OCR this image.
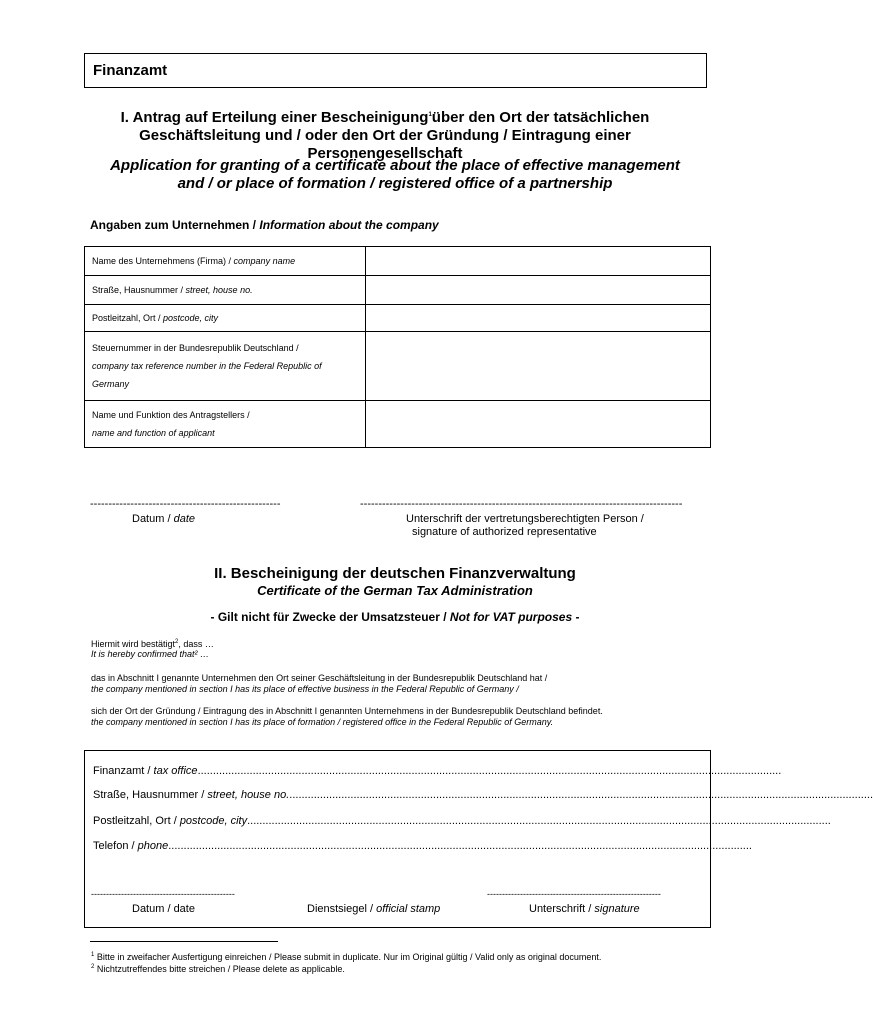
Finanzamt
I. Antrag auf Erteilung einer Bescheinigung$^1$über den Ort der tatsächlichen
Geschäftsleitung und / oder den Ort der Gründung / Eintragung einer
Personengesellschaft
Application for granting of a certificate about the place of effective management
and / or place of formation / registered office of a partnership
Angaben zum Unternehmen / Information about the company
Name des Unternehmens (Firma) / company name	
Straße, Hausnummer / street, house no.	
Postleitzahl, Ort / postcode, city	

Steuernummer in der Bundesrepublik Deutschland /
company tax reference number in the Federal Republic of Germany	

Name und Funktion des Antragstellers /
name and function of applicant	
----------------------------------------------------	----------------------------------------------------------------------------------------
Datum / date	Unterschrift der vertretungsberechtigten Person /
signature of authorized representative
II. Bescheinigung der deutschen Finanzverwaltung
Certificate of the German Tax Administration
- Gilt nicht für Zwecke der Umsatzsteuer / Not for VAT purposes -
Hiermit wird bestätigt$^2$, dass …
It is hereby confirmed that² …
das in Abschnitt I genannte Unternehmen den Ort seiner Geschäftsleitung in der Bundesrepublik Deutschland hat /
the company mentioned in section I has its place of effective business in the Federal Republic of Germany /
sich der Ort der Gründung / Eintragung des in Abschnitt I genannten Unternehmens in der Bundesrepublik Deutschland befindet.
the company mentioned in section I has its place of formation / registered office in the Federal Republic of Germany.
Finanzamt / tax office...............................................................................................................................................................................................
Straße, Hausnummer / street, house no................................................................................................................................................................................................
Postleitzahl, Ort / postcode, city...............................................................................................................................................................................................
Telefon / phone...............................................................................................................................................................................................
------------------------------------------------	----------------------------------------------------------
Datum / date	Dienstsiegel / official stamp	Unterschrift / signature
$^1$ Bitte in zweifacher Ausfertigung einreichen / Please submit in duplicate. Nur im Original gültig / Valid only as original document.
$^2$ Nichtzutreffendes bitte streichen / Please delete as applicable.
